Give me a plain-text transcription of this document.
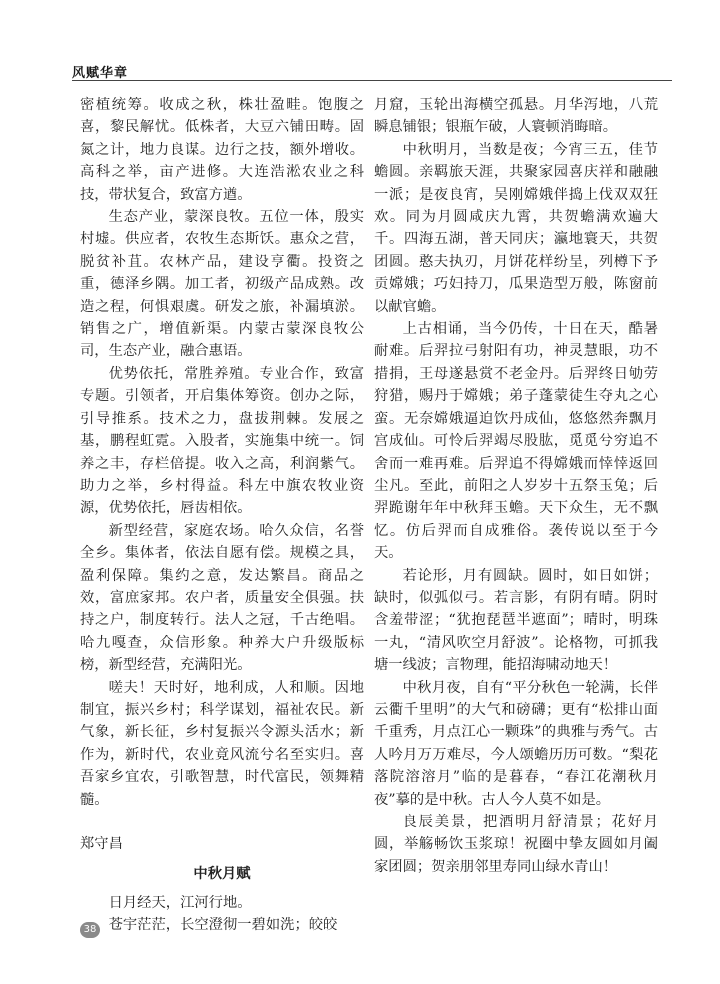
风赋华章

密植统筹。收成之秋，株壮盈畦。饱腹之喜，黎民解忧。低株者，大豆六铺田畴。固氮之计，地力良谋。边行之技，额外增收。高科之举，亩产进修。大连浩淞农业之科技，带状复合，致富方遒。

生态产业，蒙深良牧。五位一体，殷实村墟。供应者，农牧生态斯饫。惠众之营，脱贫补苴。农林产品，建设亨衢。投资之重，德泽乡隅。加工者，初级产品成熟。改造之程，何惧艰虞。研发之旅，补漏填淤。销售之广，增值新渠。内蒙古蒙深良牧公司，生态产业，融合惠语。

优势依托，常胜养殖。专业合作，致富专题。引领者，开启集体筹资。创办之际，引导推系。技术之力，盘拔荆棘。发展之基，鹏程虹霓。入股者，实施集中统一。饲养之丰，存栏倍提。收入之高，利润紫气。助力之举，乡村得益。科左中旗农牧业资源，优势依托，唇齿相依。

新型经营，家庭农场。哈久众信，名誉全乡。集体者，依法自愿有偿。规模之具，盈利保障。集约之意，发达繁昌。商品之效，富庶家邦。农户者，质量安全俱强。扶持之户，制度转行。法人之冠，千古绝唱。哈九嘎查，众信形象。种养大户升级版标榜，新型经营，充满阳光。

嗟夫！天时好，地利成，人和顺。因地制宜，振兴乡村；科学谋划，福祉农民。新气象，新长征，乡村复振兴令源头活水；新作为，新时代，农业竟风流兮名至实归。喜吾家乡宜农，引歌智慧，时代富民，领舞精髓。

郑守昌

中秋月赋

日月经天，江河行地。

苍宇茫茫，长空澄彻一碧如洗；皎皎

月窟，玉轮出海横空孤悬。月华泻地，八荒瞬息铺银；银瓶乍破，人寰顿消晦暗。

中秋明月，当数是夜；今宵三五，佳节蟾圆。亲羁旅天涯，共聚家园喜庆祥和融融一派；是夜良宵，吴刚嫦娥伴捣上伐双双狂欢。同为月圆咸庆九霄，共贺蟾满欢遍大千。四海五湖，普天同庆；瀛地寰天，共贺团圆。憨夫执刃，月饼花样纷呈，列樽下予贡嫦娥；巧妇持刀，瓜果造型万般，陈窗前以献官蟾。

上古相诵，当今仍传，十日在天，酷暑耐难。后羿拉弓射阳有功，神灵慧眼，功不措捐，王母遂悬赏不老金丹。后羿终日劬劳狩猎，赐丹于嫦娥；弟子蓬蒙徒生夺丸之心蛮。无奈嫦娥逼迫饮丹成仙，悠悠然奔飘月宫成仙。可怜后羿竭尽股肱，觅觅兮穷追不舍而一难再难。后羿追不得嫦娥而悻悻返回尘凡。至此，前阳之人岁岁十五祭玉兔；后羿跪谢年年中秋拜玉蟾。天下众生，无不飘忆。仿后羿而自成雅俗。袭传说以至于今天。

若论形，月有圆缺。圆时，如日如饼；缺时，似弧似弓。若言影，有阴有晴。阴时含羞带涩；“犹抱琵琶半遮面”；晴时，明珠一丸，“清风吹空月舒波”。论格物，可抓我塘一线波；言物理，能招海啸动地天！

中秋月夜，自有“平分秋色一轮满，长伴云衢千里明”的大气和磅礴；更有“松排山面千重秀，月点江心一颗珠”的典雅与秀气。古人吟月万万难尽，今人颂蟾历历可数。“梨花落院溶溶月”临的是暮春，“春江花潮秋月夜”摹的是中秋。古人今人莫不如是。

良辰美景，把酒明月舒清景；花好月圆，举觞畅饮玉浆琼！祝圈中挚友圆如月阖家团圆；贺亲朋邻里寿同山绿水青山！

38
